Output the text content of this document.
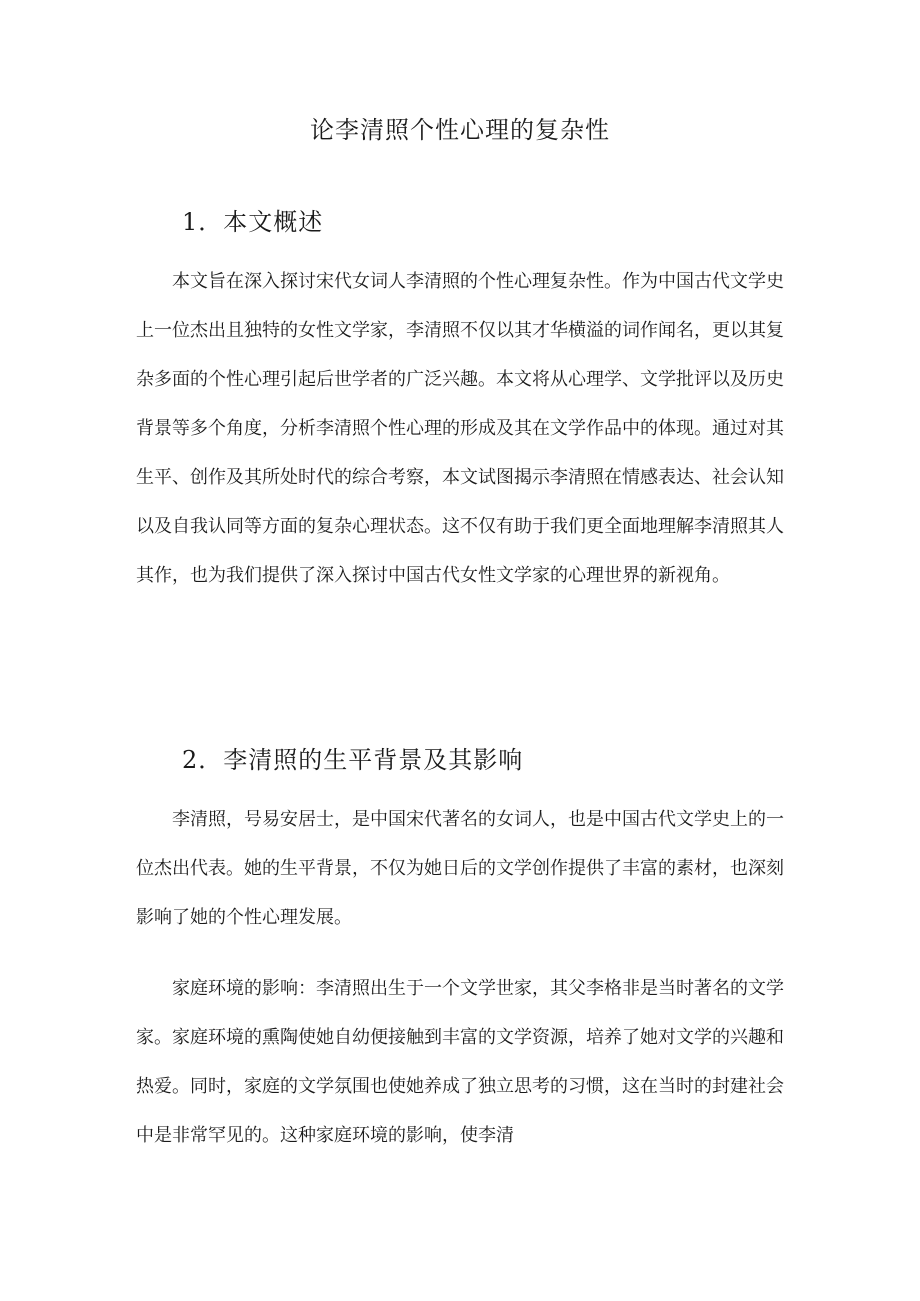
论李清照个性心理的复杂性
1．本文概述

本文旨在深入探讨宋代女词人李清照的个性心理复杂性。作为中国古代文学史上一位杰出且独特的女性文学家，李清照不仅以其才华横溢的词作闻名，更以其复杂多面的个性心理引起后世学者的广泛兴趣。本文将从心理学、文学批评以及历史背景等多个角度，分析李清照个性心理的形成及其在文学作品中的体现。通过对其生平、创作及其所处时代的综合考察，本文试图揭示李清照在情感表达、社会认知以及自我认同等方面的复杂心理状态。这不仅有助于我们更全面地理解李清照其人其作，也为我们提供了深入探讨中国古代女性文学家的心理世界的新视角。

2．李清照的生平背景及其影响

李清照，号易安居士，是中国宋代著名的女词人，也是中国古代文学史上的一位杰出代表。她的生平背景，不仅为她日后的文学创作提供了丰富的素材，也深刻影响了她的个性心理发展。

家庭环境的影响：李清照出生于一个文学世家，其父李格非是当时著名的文学家。家庭环境的熏陶使她自幼便接触到丰富的文学资源，培养了她对文学的兴趣和热爱。同时，家庭的文学氛围也使她养成了独立思考的习惯，这在当时的封建社会中是非常罕见的。这种家庭环境的影响，使李清
